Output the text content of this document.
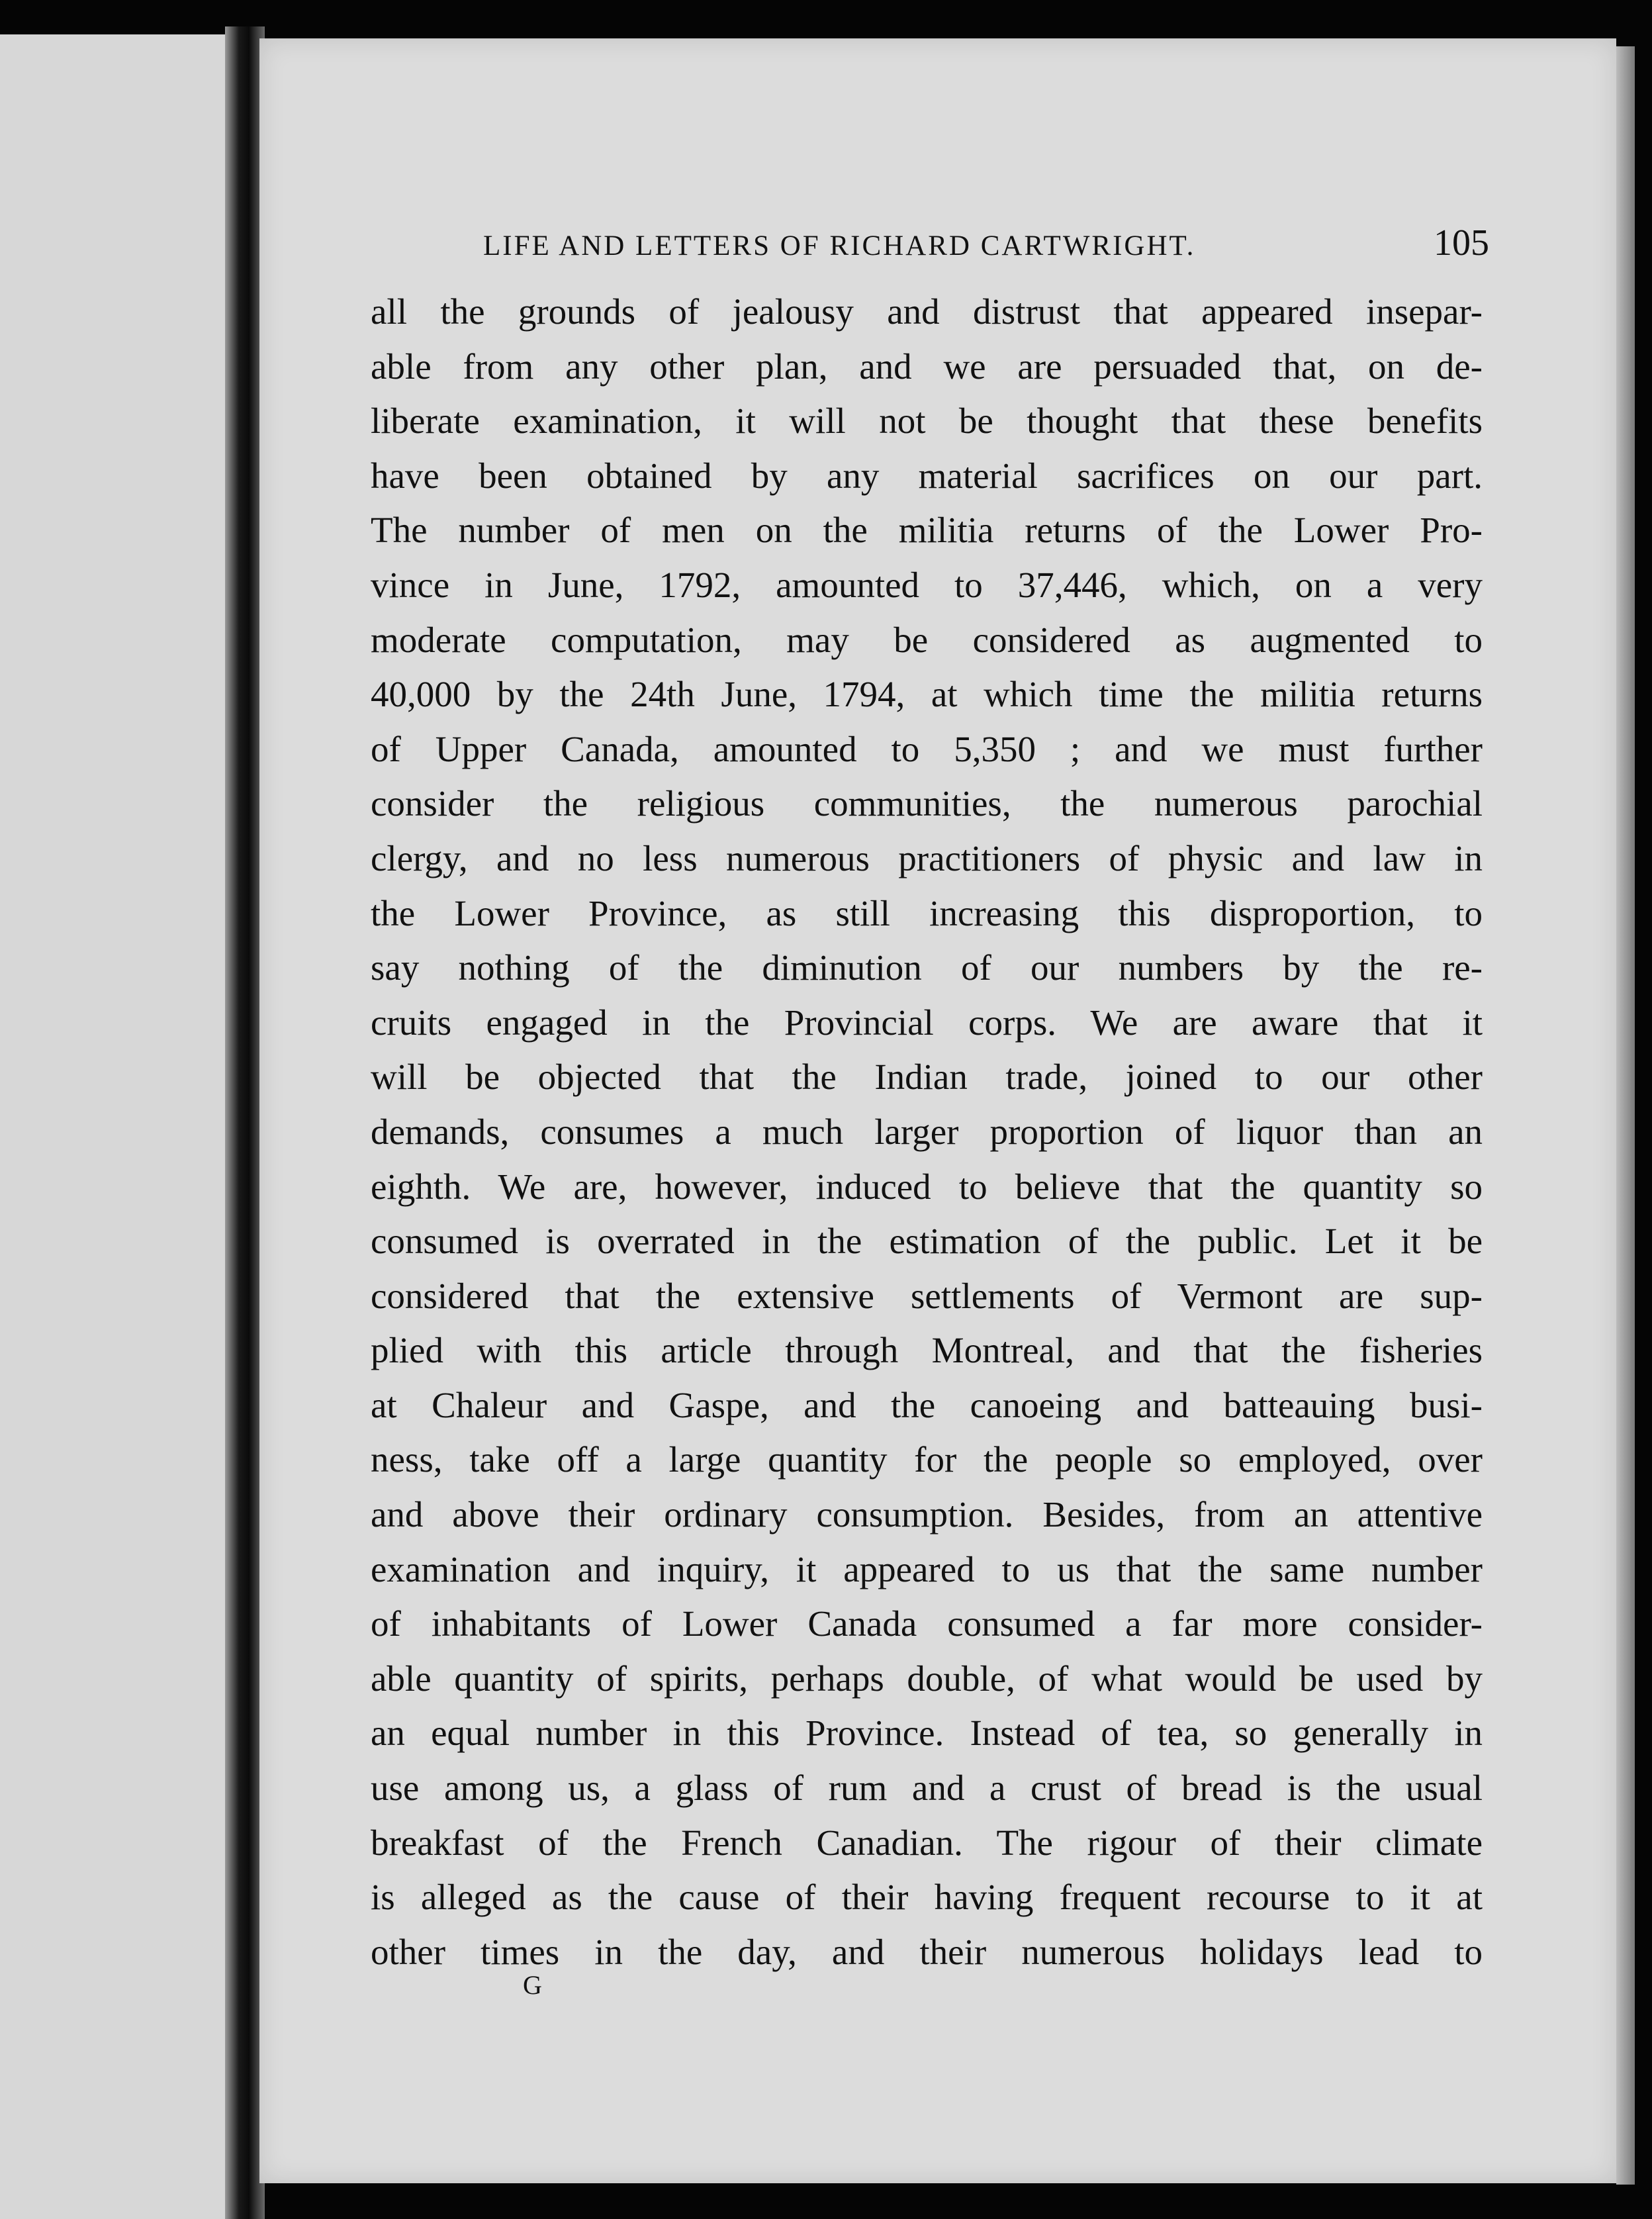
LIFE AND LETTERS OF RICHARD CARTWRIGHT.	105
all the grounds of jealousy and distrust that appeared insepar-
able from any other plan, and we are persuaded that, on de-
liberate examination, it will not be thought that these benefits
have been obtained by any material sacrifices on our part.
The number of men on the militia returns of the Lower Pro-
vince in June, 1792, amounted to 37,446, which, on a very
moderate computation, may be considered as augmented to
40,000 by the 24th June, 1794, at which time the militia returns
of Upper Canada, amounted to 5,350 ; and we must further
consider the religious communities, the numerous parochial
clergy, and no less numerous practitioners of physic and law in
the Lower Province, as still increasing this disproportion, to
say nothing of the diminution of our numbers by the re-
cruits engaged in the Provincial corps. We are aware that it
will be objected that the Indian trade, joined to our other
demands, consumes a much larger proportion of liquor than an
eighth. We are, however, induced to believe that the quantity so
consumed is overrated in the estimation of the public. Let it be
considered that the extensive settlements of Vermont are sup-
plied with this article through Montreal, and that the fisheries
at Chaleur and Gaspe, and the canoeing and batteauing busi-
ness, take off a large quantity for the people so employed, over
and above their ordinary consumption. Besides, from an attentive
examination and inquiry, it appeared to us that the same number
of inhabitants of Lower Canada consumed a far more consider-
able quantity of spirits, perhaps double, of what would be used by
an equal number in this Province. Instead of tea, so generally in
use among us, a glass of rum and a crust of bread is the usual
breakfast of the French Canadian. The rigour of their climate
is alleged as the cause of their having frequent recourse to it at
other times in the day, and their numerous holidays lead to
G
